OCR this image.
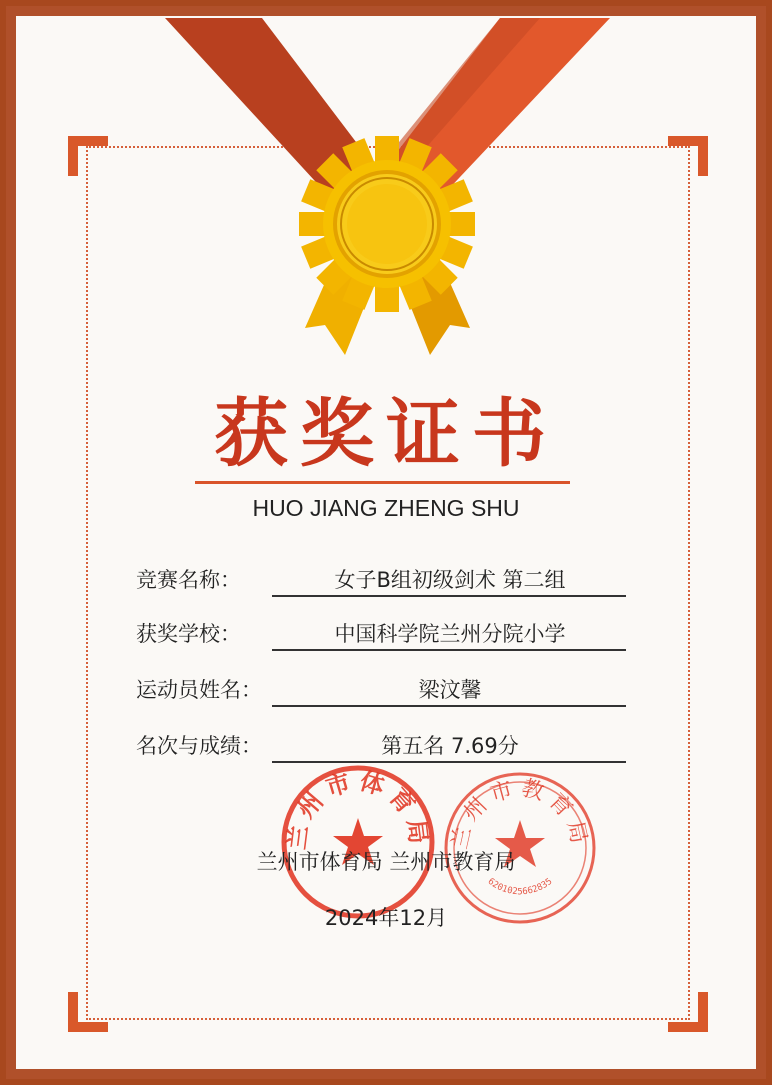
获奖证书
HUO JIANG ZHENG SHU
竞赛名称：	女子B组初级剑术 第二组
获奖学校：	中国科学院兰州分院小学
运动员姓名：	梁汶馨
名次与成绩：	第五名 7.69分
兰州市体育局 兰州市教育局
6201025662835
兰州市体育局 兰州市教育局
2024年12月
